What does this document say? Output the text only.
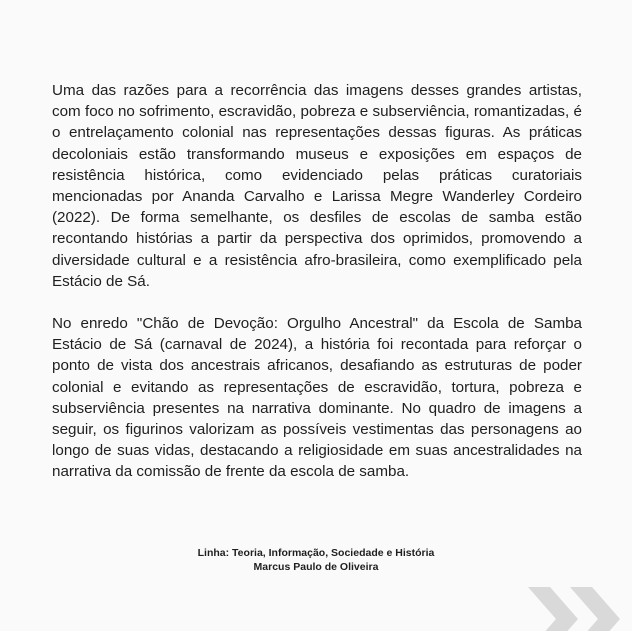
Uma das razões para a recorrência das imagens desses grandes artistas, com foco no sofrimento, escravidão, pobreza e subserviência, romantizadas, é o entrelaçamento colonial nas representações dessas figuras. As práticas decoloniais estão transformando museus e exposições em espaços de resistência histórica, como evidenciado pelas práticas curatoriais mencionadas por Ananda Carvalho e Larissa Megre Wanderley Cordeiro (2022). De forma semelhante, os desfiles de escolas de samba estão recontando histórias a partir da perspectiva dos oprimidos, promovendo a diversidade cultural e a resistência afro-brasileira, como exemplificado pela Estácio de Sá.

No enredo "Chão de Devoção: Orgulho Ancestral" da Escola de Samba Estácio de Sá (carnaval de 2024), a história foi recontada para reforçar o ponto de vista dos ancestrais africanos, desafiando as estruturas de poder colonial e evitando as representações de escravidão, tortura, pobreza e subserviência presentes na narrativa dominante. No quadro de imagens a seguir, os figurinos valorizam as possíveis vestimentas das personagens ao longo de suas vidas, destacando a religiosidade em suas ancestralidades na narrativa da comissão de frente da escola de samba.

Linha: Teoria, Informação, Sociedade e História
Marcus Paulo de Oliveira
